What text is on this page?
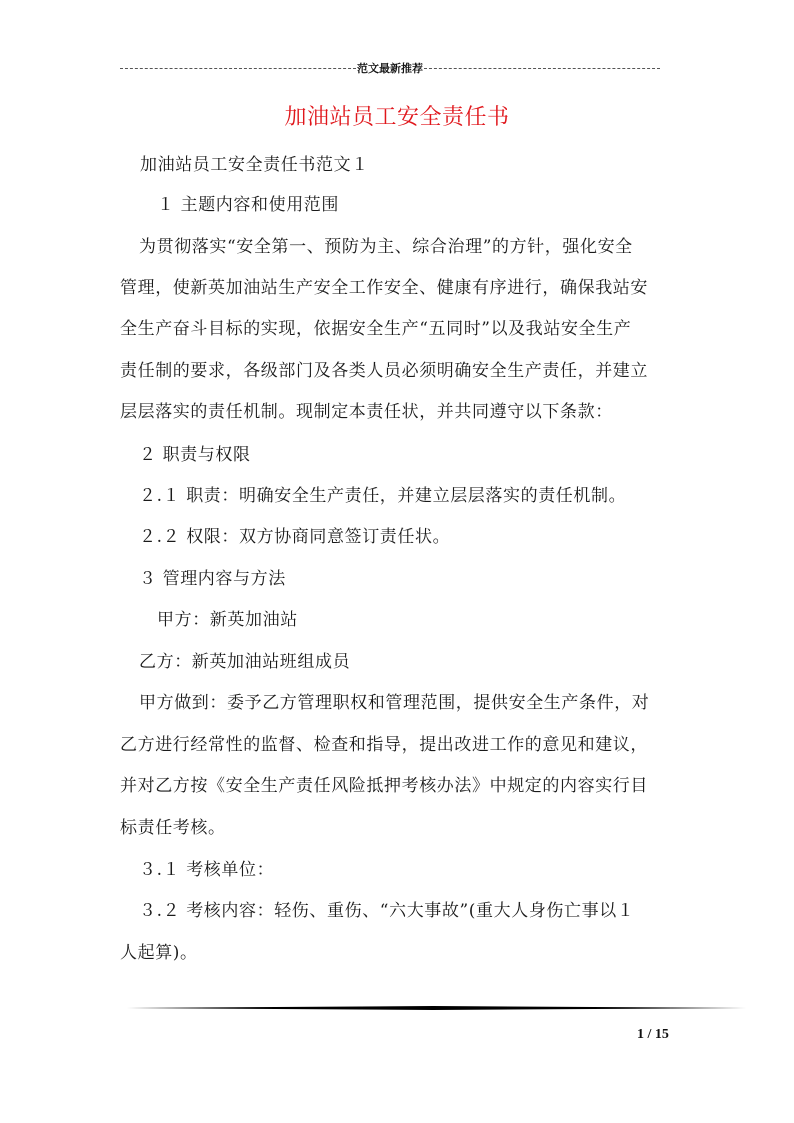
范文最新推荐
加油站员工安全责任书
加油站员工安全责任书范文１
１ 主题内容和使用范围
为贯彻落实“安全第一、预防为主、综合治理”的方针，强化安全
管理，使新英加油站生产安全工作安全、健康有序进行，确保我站安
全生产奋斗目标的实现，依据安全生产“五同时”以及我站安全生产
责任制的要求，各级部门及各类人员必须明确安全生产责任，并建立
层层落实的责任机制。现制定本责任状，并共同遵守以下条款：
２ 职责与权限
２.１ 职责：明确安全生产责任，并建立层层落实的责任机制。
２.２ 权限：双方协商同意签订责任状。
３ 管理内容与方法
甲方：新英加油站
乙方：新英加油站班组成员
甲方做到：委予乙方管理职权和管理范围，提供安全生产条件，对
乙方进行经常性的监督、检查和指导，提出改进工作的意见和建议，
并对乙方按《安全生产责任风险抵押考核办法》中规定的内容实行目
标责任考核。
３.１ 考核单位：
３.２ 考核内容：轻伤、重伤、“六大事故”(重大人身伤亡事以１
人起算)。
1 / 15
